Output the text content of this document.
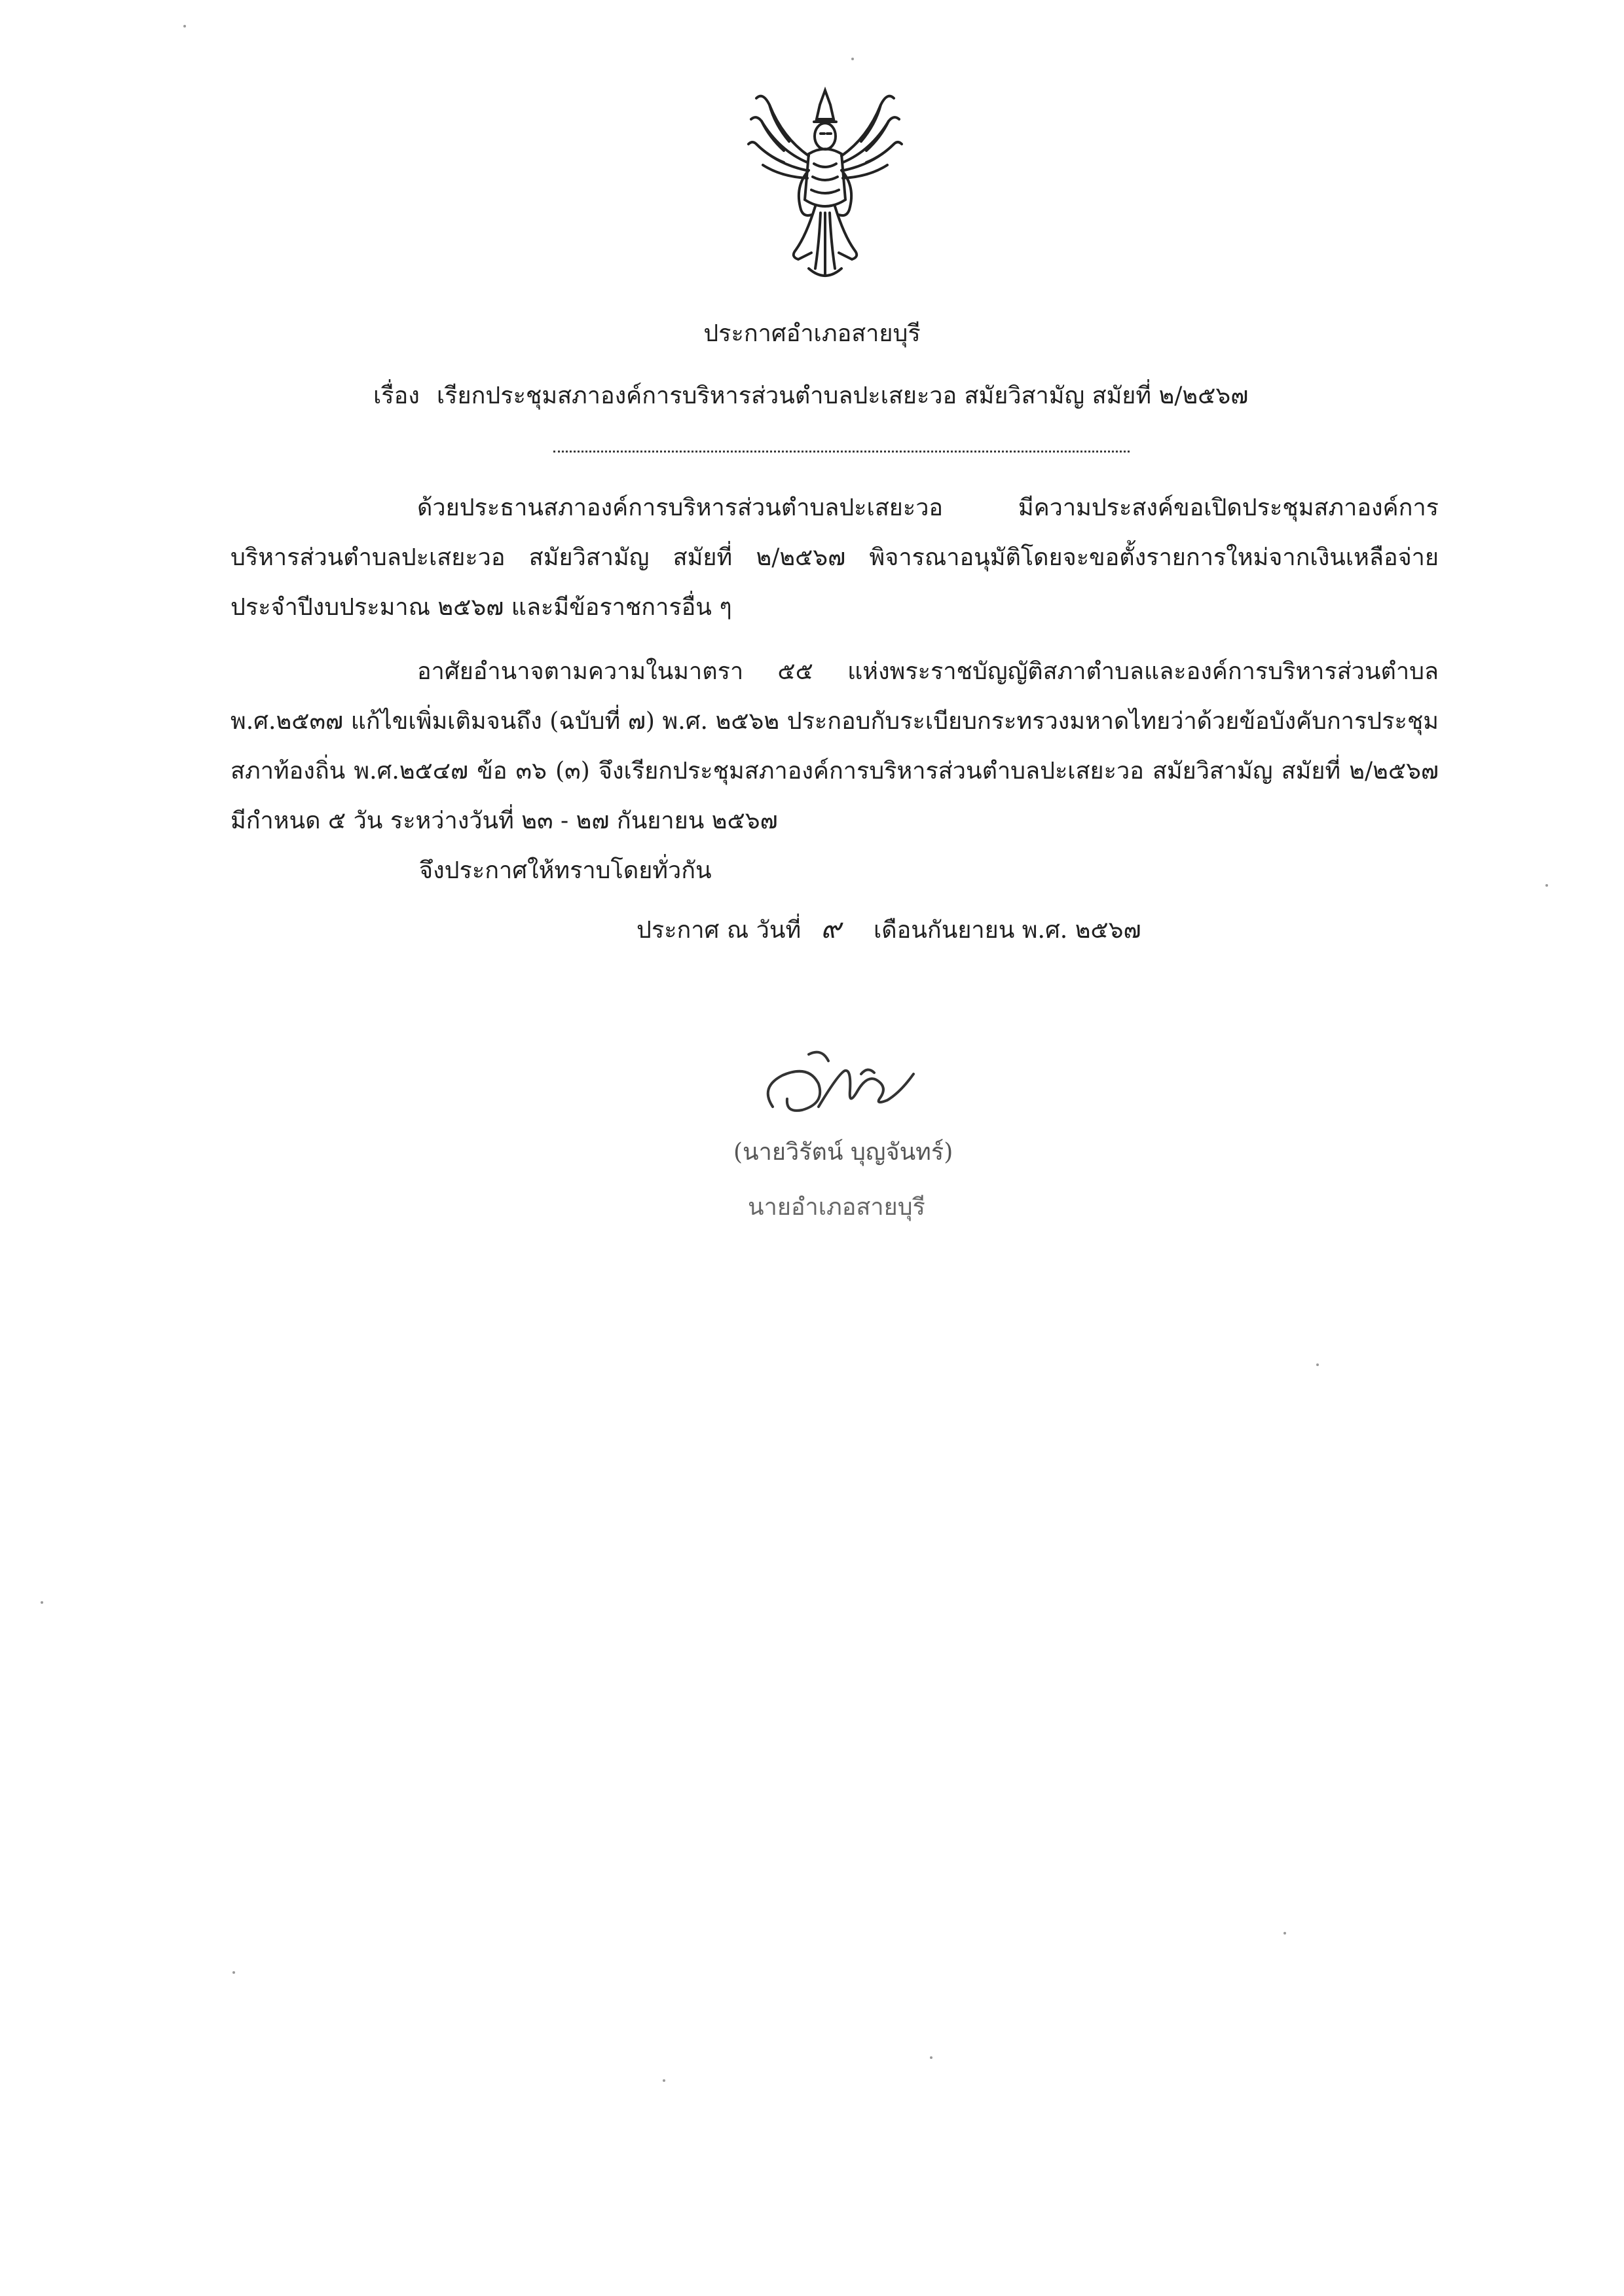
ประกาศอำเภอสายบุรี
เรื่อง เรียกประชุมสภาองค์การบริหารส่วนตำบลปะเสยะวอ สมัยวิสามัญ สมัยที่ ๒/๒๕๖๗
ด้วยประธานสภาองค์การบริหารส่วนตำบลปะเสยะวอ มีความประสงค์ขอเปิดประชุมสภาองค์การบริหารส่วนตำบลปะเสยะวอ สมัยวิสามัญ สมัยที่ ๒/๒๕๖๗ พิจารณาอนุมัติโดยจะขอตั้งรายการใหม่จากเงินเหลือจ่าย ประจำปีงบประมาณ ๒๕๖๗ และมีข้อราชการอื่น ๆ
อาศัยอำนาจตามความในมาตรา ๕๕ แห่งพระราชบัญญัติสภาตำบลและองค์การบริหารส่วนตำบล พ.ศ.๒๕๓๗ แก้ไขเพิ่มเติมจนถึง (ฉบับที่ ๗) พ.ศ. ๒๕๖๒ ประกอบกับระเบียบกระทรวงมหาดไทยว่าด้วยข้อบังคับการประชุมสภาท้องถิ่น พ.ศ.๒๕๔๗ ข้อ ๓๖ (๓) จึงเรียกประชุมสภาองค์การบริหารส่วนตำบลปะเสยะวอ สมัยวิสามัญ สมัยที่ ๒/๒๕๖๗ มีกำหนด ๕ วัน ระหว่างวันที่ ๒๓ - ๒๗ กันยายน ๒๕๖๗
จึงประกาศให้ทราบโดยทั่วกัน
ประกาศ ณ วันที่ ๙ เดือนกันยายน พ.ศ. ๒๕๖๗
(นายวิรัตน์ บุญจันทร์)
นายอำเภอสายบุรี
